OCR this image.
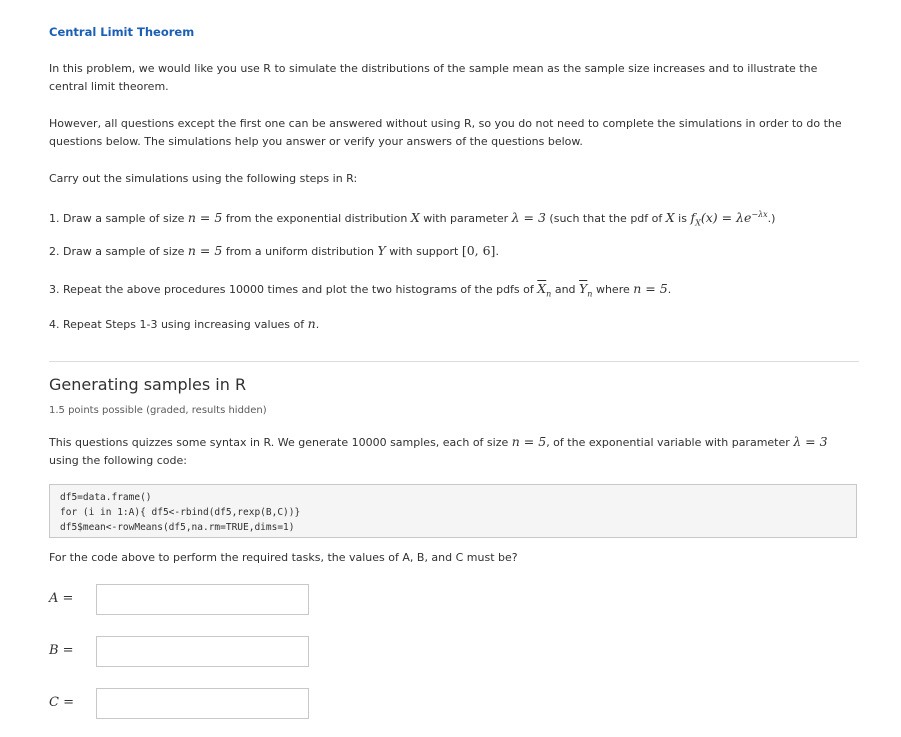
Central Limit Theorem
In this problem, we would like you use R to simulate the distributions of the sample mean as the sample size increases and to illustrate the central limit theorem.
However, all questions except the first one can be answered without using R, so you do not need to complete the simulations in order to do the questions below. The simulations help you answer or verify your answers of the questions below.
Carry out the simulations using the following steps in R:
1. Draw a sample of size n = 5 from the exponential distribution X with parameter λ = 3 (such that the pdf of X is $f_X(x) = \lambda e^{-\lambda x}$.)
2. Draw a sample of size n = 5 from a uniform distribution Y with support [0, 6].
3. Repeat the above procedures 10000 times and plot the two histograms of the pdfs of $\overline{X}_n$ and $\overline{Y}_n$ where n = 5.
4. Repeat Steps 1-3 using increasing values of n.
Generating samples in R
1.5 points possible (graded, results hidden)
This questions quizzes some syntax in R. We generate 10000 samples, each of size n = 5, of the exponential variable with parameter λ = 3 using the following code:
df5=data.frame()
for (i in 1:A){ df5<-rbind(df5,rexp(B,C))}
df5$mean<-rowMeans(df5,na.rm=TRUE,dims=1)
For the code above to perform the required tasks, the values of A, B, and C must be?
A =
B =
C =
